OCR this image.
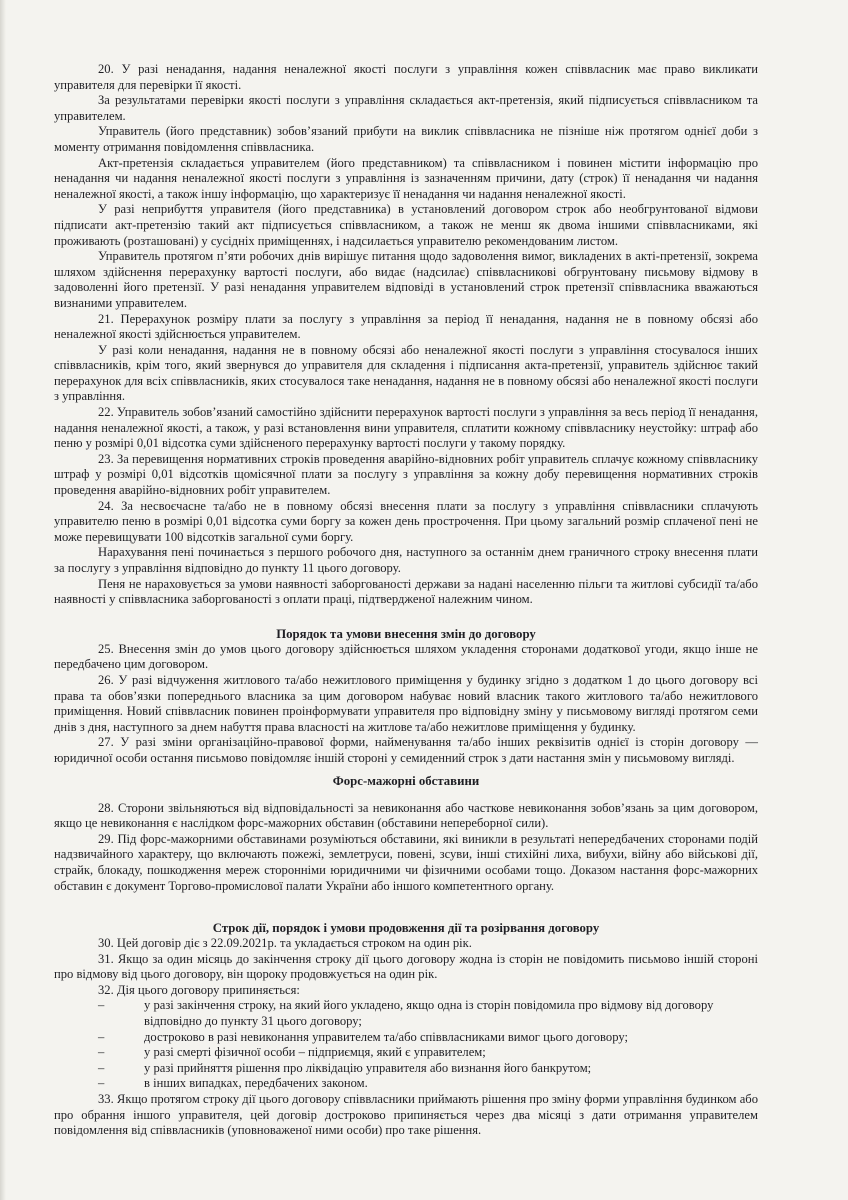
20. У разі ненадання, надання неналежної якості послуги з управління кожен співвласник має право викликати управителя для перевірки її якості.

За результатами перевірки якості послуги з управління складається акт-претензія, який підписується співвласником та управителем.

Управитель (його представник) зобов’язаний прибути на виклик співвласника не пізніше ніж протягом однієї доби з моменту отримання повідомлення співвласника.

Акт-претензія складається управителем (його представником) та співвласником і повинен містити інформацію про ненадання чи надання неналежної якості послуги з управління із зазначенням причини, дату (строк) її ненадання чи надання неналежної якості, а також іншу інформацію, що характеризує її ненадання чи надання неналежної якості.

У разі неприбуття управителя (його представника) в установлений договором строк або необгрунтованої відмови підписати акт-претензію такий акт підписується співвласником, а також не менш як двома іншими співвласниками, які проживають (розташовані) у сусідніх приміщеннях, і надсилається управителю рекомендованим листом.

Управитель протягом п’яти робочих днів вирішує питання щодо задоволення вимог, викладених в акті-претензії, зокрема шляхом здійснення перерахунку вартості послуги, або видає (надсилає) співвласникові обгрунтовану письмову відмову в задоволенні його претензії. У разі ненадання управителем відповіді в установлений строк претензії співвласника вважаються визнаними управителем.

21. Перерахунок розміру плати за послугу з управління за період її ненадання, надання не в повному обсязі або неналежної якості здійснюється управителем.

У разі коли ненадання, надання не в повному обсязі або неналежної якості послуги з управління стосувалося інших співвласників, крім того, який звернувся до управителя для складення і підписання акта-претензії, управитель здійснює такий перерахунок для всіх співвласників, яких стосувалося таке ненадання, надання не в повному обсязі або неналежної якості послуги з управління.

22. Управитель зобов’язаний самостійно здійснити перерахунок вартості послуги з управління за весь період її ненадання, надання неналежної якості, а також, у разі встановлення вини управителя, сплатити кожному співвласнику неустойку: штраф або пеню у розмірі 0,01 відсотка суми здійсненого перерахунку вартості послуги у такому порядку.

23. За перевищення нормативних строків проведення аварійно-відновних робіт управитель сплачує кожному співвласнику штраф у розмірі 0,01 відсотків щомісячної плати за послугу з управління за кожну добу перевищення нормативних строків проведення аварійно-відновних робіт управителем.

24. За несвоєчасне та/або не в повному обсязі внесення плати за послугу з управління співвласники сплачують управителю пеню в розмірі 0,01 відсотка суми боргу за кожен день прострочення. При цьому загальний розмір сплаченої пені не може перевищувати 100 відсотків загальної суми боргу.

Нарахування пені починається з першого робочого дня, наступного за останнім днем граничного строку внесення плати за послугу з управління відповідно до пункту 11 цього договору.

Пеня не нараховується за умови наявності заборгованості держави за надані населенню пільги та житлові субсидії та/або наявності у співвласника заборгованості з оплати праці, підтвердженої належним чином.

Порядок та умови внесення змін до договору

25. Внесення змін до умов цього договору здійснюється шляхом укладення сторонами додаткової угоди, якщо інше не передбачено цим договором.

26. У разі відчуження житлового та/або нежитлового приміщення у будинку згідно з додатком 1 до цього договору всі права та обов’язки попереднього власника за цим договором набуває новий власник такого житлового та/або нежитлового приміщення. Новий співвласник повинен проінформувати управителя про відповідну зміну у письмовому вигляді протягом семи днів з дня, наступного за днем набуття права власності на житлове та/або нежитлове приміщення у будинку.

27. У разі зміни організаційно-правової форми, найменування та/або інших реквізитів однієї із сторін договору — юридичної особи остання письмово повідомляє іншій стороні у семиденний строк з дати настання змін у письмовому вигляді.

Форс-мажорні обставини

28. Сторони звільняються від відповідальності за невиконання або часткове невиконання зобов’язань за цим договором, якщо це невиконання є наслідком форс-мажорних обставин (обставини непереборної сили).

29. Під форс-мажорними обставинами розуміються обставини, які виникли в результаті непередбачених сторонами подій надзвичайного характеру, що включають пожежі, землетруси, повені, зсуви, інші стихійні лиха, вибухи, війну або військові дії, страйк, блокаду, пошкодження мереж сторонніми юридичними чи фізичними особами тощо. Доказом настання форс-мажорних обставин є документ Торгово-промислової палати України або іншого компетентного органу.

Строк дії, порядок і умови продовження дії та розірвання договору

30. Цей договір діє з 22.09.2021р. та укладається строком на один рік.

31. Якщо за один місяць до закінчення строку дії цього договору жодна із сторін не повідомить письмово іншій стороні про відмову від цього договору, він щороку продовжується на один рік.

32. Дія цього договору припиняється:

– у разі закінчення строку, на який його укладено, якщо одна із сторін повідомила про відмову від договору відповідно до пункту 31 цього договору;
– достроково в разі невиконання управителем та/або співвласниками вимог цього договору;
– у разі смерті фізичної особи – підприємця, який є управителем;
– у разі прийняття рішення про ліквідацію управителя або визнання його банкрутом;
– в інших випадках, передбачених законом.

33. Якщо протягом строку дії цього договору співвласники приймають рішення про зміну форми управління будинком або про обрання іншого управителя, цей договір достроково припиняється через два місяці з дати отримання управителем повідомлення від співвласників (уповноваженої ними особи) про таке рішення.
